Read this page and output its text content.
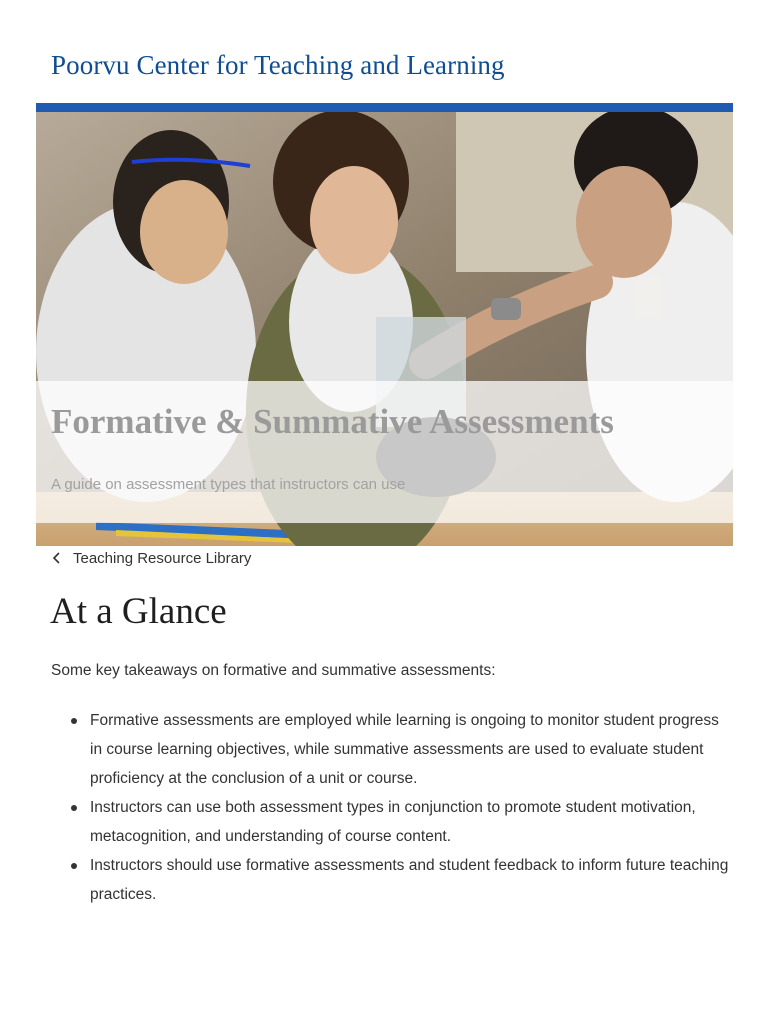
Poorvu Center for Teaching and Learning
Formative & Summative Assessments

A guide on assessment types that instructors can use

Teaching Resource Library
At a Glance

Some key takeaways on formative and summative assessments:

Formative assessments are employed while learning is ongoing to monitor student progress in course learning objectives, while summative assessments are used to evaluate student proficiency at the conclusion of a unit or course.
Instructors can use both assessment types in conjunction to promote student motivation, metacognition, and understanding of course content.
Instructors should use formative assessments and student feedback to inform future teaching practices.
